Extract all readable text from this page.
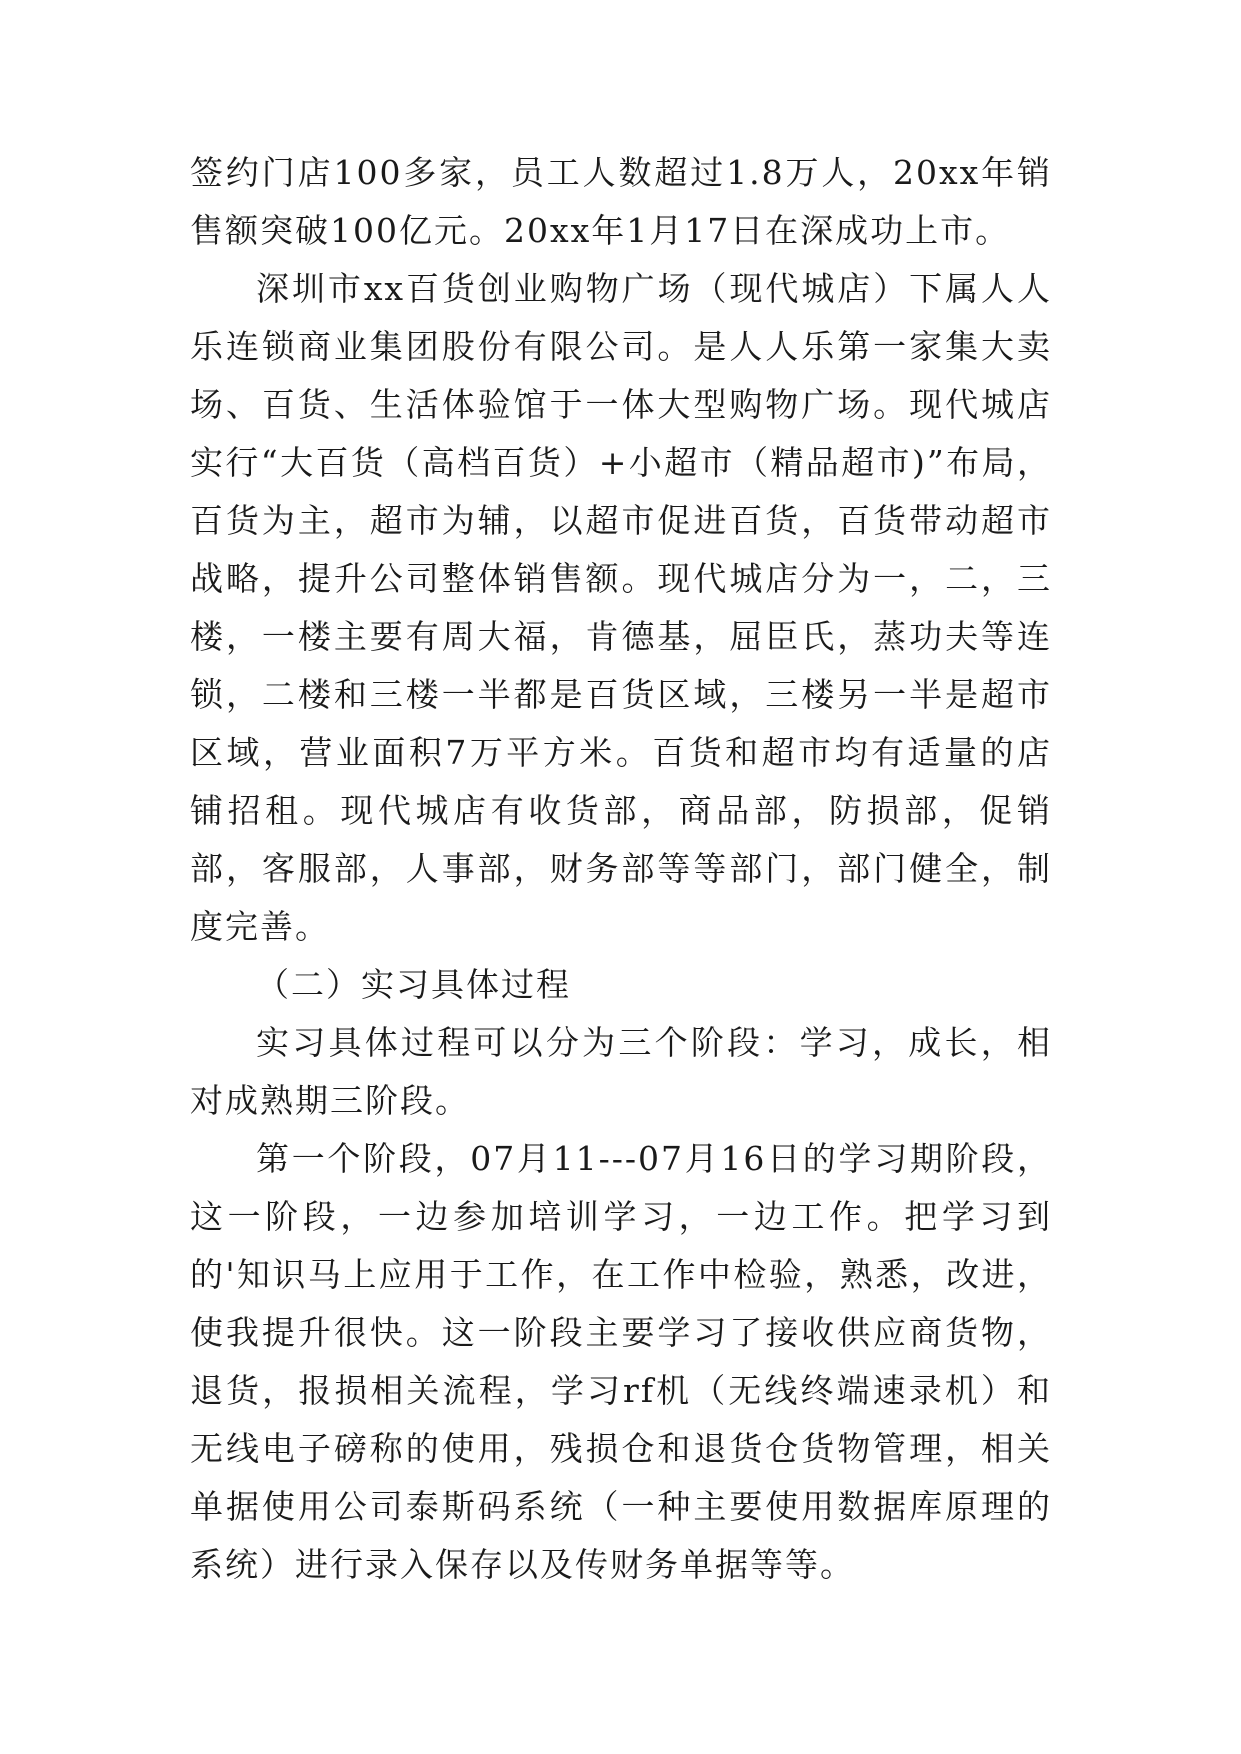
签约门店100多家，员工人数超过1.8万人，20xx年销售额突破100亿元。20xx年1月17日在深成功上市。

深圳市xx百货创业购物广场（现代城店）下属人人乐连锁商业集团股份有限公司。是人人乐第一家集大卖场、百货、生活体验馆于一体大型购物广场。现代城店实行“大百货（高档百货）+小超市（精品超市)”布局，百货为主，超市为辅，以超市促进百货，百货带动超市战略，提升公司整体销售额。现代城店分为一，二，三楼，一楼主要有周大福，肯德基，屈臣氏，蒸功夫等连锁，二楼和三楼一半都是百货区域，三楼另一半是超市区域，营业面积7万平方米。百货和超市均有适量的店铺招租。现代城店有收货部，商品部，防损部，促销部，客服部，人事部，财务部等等部门，部门健全，制度完善。

（二）实习具体过程

实习具体过程可以分为三个阶段：学习，成长，相对成熟期三阶段。

第一个阶段，07月11---07月16日的学习期阶段，这一阶段，一边参加培训学习，一边工作。把学习到的'知识马上应用于工作，在工作中检验，熟悉，改进，使我提升很快。这一阶段主要学习了接收供应商货物，退货，报损相关流程，学习rf机（无线终端速录机）和无线电子磅称的使用，残损仓和退货仓货物管理，相关单据使用公司泰斯码系统（一种主要使用数据库原理的系统）进行录入保存以及传财务单据等等。
